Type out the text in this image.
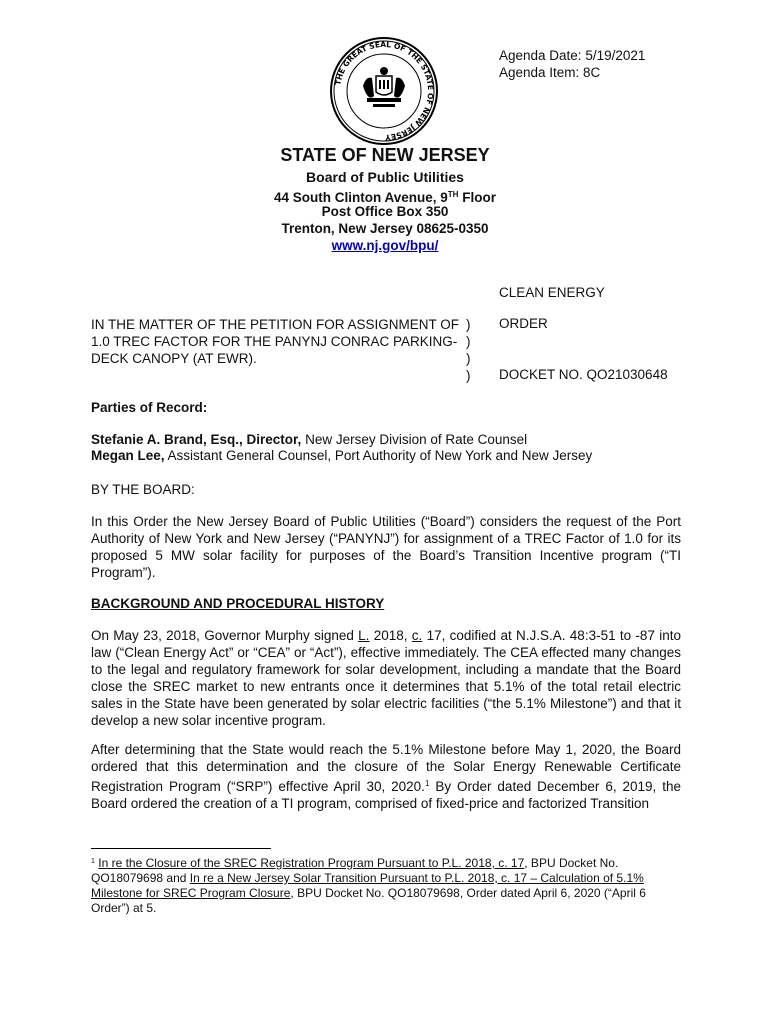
THE GREAT SEAL OF THE STATE OF NEW JERSEY
Agenda Date: 5/19/2021
Agenda Item: 8C
STATE OF NEW JERSEY
Board of Public Utilities
44 South Clinton Avenue, 9TH Floor
Post Office Box 350
Trenton, New Jersey 08625-0350
www.nj.gov/bpu/
CLEAN ENERGY
IN THE MATTER OF THE PETITION FOR ASSIGNMENT OF 1.0 TREC FACTOR FOR THE PANYNJ CONRAC PARKING-DECK CANOPY (AT EWR).
)
)
)
)
ORDER
DOCKET NO. QO21030648
Parties of Record:
Stefanie A. Brand, Esq., Director, New Jersey Division of Rate Counsel
Megan Lee, Assistant General Counsel, Port Authority of New York and New Jersey
BY THE BOARD:
In this Order the New Jersey Board of Public Utilities (“Board”) considers the request of the Port Authority of New York and New Jersey (“PANYNJ”) for assignment of a TREC Factor of 1.0 for its proposed 5 MW solar facility for purposes of the Board’s Transition Incentive program (“TI Program”).
BACKGROUND AND PROCEDURAL HISTORY
On May 23, 2018, Governor Murphy signed L. 2018, c. 17, codified at N.J.S.A. 48:3-51 to -87 into law (“Clean Energy Act” or “CEA” or “Act”), effective immediately. The CEA effected many changes to the legal and regulatory framework for solar development, including a mandate that the Board close the SREC market to new entrants once it determines that 5.1% of the total retail electric sales in the State have been generated by solar electric facilities (“the 5.1% Milestone”) and that it develop a new solar incentive program.
After determining that the State would reach the 5.1% Milestone before May 1, 2020, the Board ordered that this determination and the closure of the Solar Energy Renewable Certificate Registration Program (“SRP”) effective April 30, 2020.$^1$ By Order dated December 6, 2019, the Board ordered the creation of a TI program, comprised of fixed-price and factorized Transition
$^1$ In re the Closure of the SREC Registration Program Pursuant to P.L. 2018, c. 17, BPU Docket No. QO18079698 and In re a New Jersey Solar Transition Pursuant to P.L. 2018, c. 17 – Calculation of 5.1% Milestone for SREC Program Closure, BPU Docket No. QO18079698, Order dated April 6, 2020 (“April 6 Order”) at 5.
